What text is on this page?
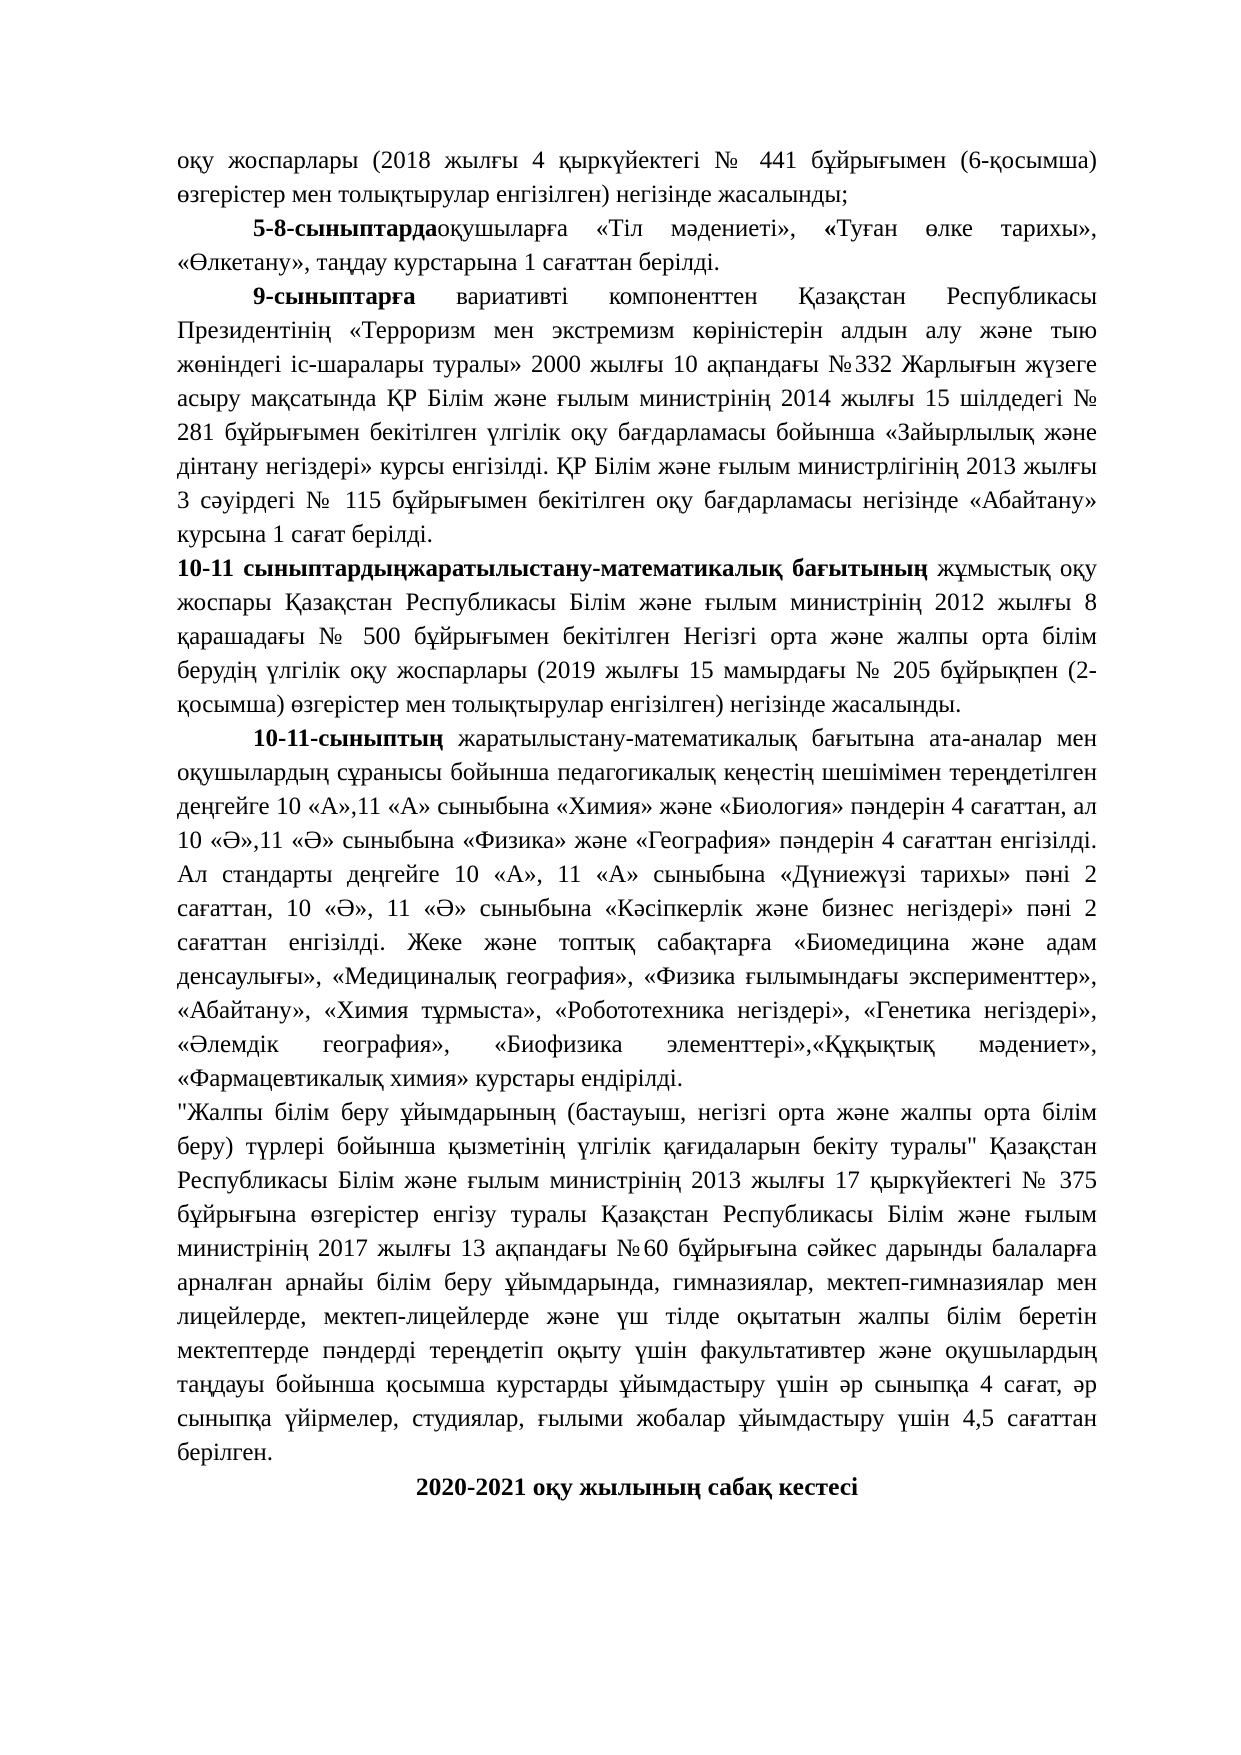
оқу жоспарлары (2018 жылғы 4 қыркүйектегі № 441 бұйрығымен (6-қосымша) өзгерістер мен толықтырулар енгізілген) негізінде жасалынды;

5-8-сыныптардаоқушыларға «Тіл мәдениеті», «Туған өлке тарихы», «Өлкетану», таңдау курстарына 1 сағаттан берілді.

9-сыныптарға вариативті компоненттен Қазақстан Республикасы Президентінің «Терроризм мен экстремизм көріністерін алдын алу және тыю жөніндегі іс-шаралары туралы» 2000 жылғы 10 ақпандағы №332 Жарлығын жүзеге асыру мақсатында ҚР Білім және ғылым министрінің 2014 жылғы 15 шілдедегі № 281 бұйрығымен бекітілген үлгілік оқу бағдарламасы бойынша «Зайырлылық және дінтану негіздері» курсы енгізілді. ҚР Білім және ғылым министрлігінің 2013 жылғы 3 сәуірдегі № 115 бұйрығымен бекітілген оқу бағдарламасы негізінде «Абайтану» курсына 1 сағат берілді.

10-11 сыныптардыңжаратылыстану-математикалық бағытының жұмыстық оқу жоспары Қазақстан Республикасы Білім және ғылым министрінің 2012 жылғы 8 қарашадағы № 500 бұйрығымен бекітілген Негізгі орта және жалпы орта білім берудің үлгілік оқу жоспарлары (2019 жылғы 15 мамырдағы № 205 бұйрықпен (2-қосымша) өзгерістер мен толықтырулар енгізілген) негізінде жасалынды.

10-11-сыныптың жаратылыстану-математикалық бағытына ата-аналар мен оқушылардың сұранысы бойынша педагогикалық кеңестің шешімімен тереңдетілген деңгейге 10 «А»,11 «А» сыныбына «Химия» және «Биология» пәндерін 4 сағаттан, ал 10 «Ә»,11 «Ә» сыныбына «Физика» және «География» пәндерін 4 сағаттан енгізілді. Ал стандарты деңгейге 10 «А», 11 «А» сыныбына «Дүниежүзі тарихы» пәні 2 сағаттан, 10 «Ә», 11 «Ә» сыныбына «Кәсіпкерлік және бизнес негіздері» пәні 2 сағаттан енгізілді. Жеке және топтық сабақтарға «Биомедицина және адам денсаулығы», «Медициналық география», «Физика ғылымындағы эксперименттер», «Абайтану», «Химия тұрмыста», «Робототехника негіздері», «Генетика негіздері», «Әлемдік география», «Биофизика элементтері»,«Құқықтық мәдениет», «Фармацевтикалық химия» курстары ендірілді.

"Жалпы білім беру ұйымдарының (бастауыш, негізгі орта және жалпы орта білім беру) түрлері бойынша қызметінің үлгілік қағидаларын бекіту туралы" Қазақстан Республикасы Білім және ғылым министрінің 2013 жылғы 17 қыркүйектегі № 375 бұйрығына өзгерістер енгізу туралы Қазақстан Республикасы Білім және ғылым министрінің 2017 жылғы 13 ақпандағы №60 бұйрығына сәйкес дарынды балаларға арналған арнайы білім беру ұйымдарында, гимназиялар, мектеп-гимназиялар мен лицейлерде, мектеп-лицейлерде және үш тілде оқытатын жалпы білім беретін мектептерде пәндерді тереңдетіп оқыту үшін факультативтер және оқушылардың таңдауы бойынша қосымша курстарды ұйымдастыру үшін әр сыныпқа 4 сағат, әр сыныпқа үйірмелер, студиялар, ғылыми жобалар ұйымдастыру үшін 4,5 сағаттан берілген.

2020-2021 оқу жылының сабақ кестесі
